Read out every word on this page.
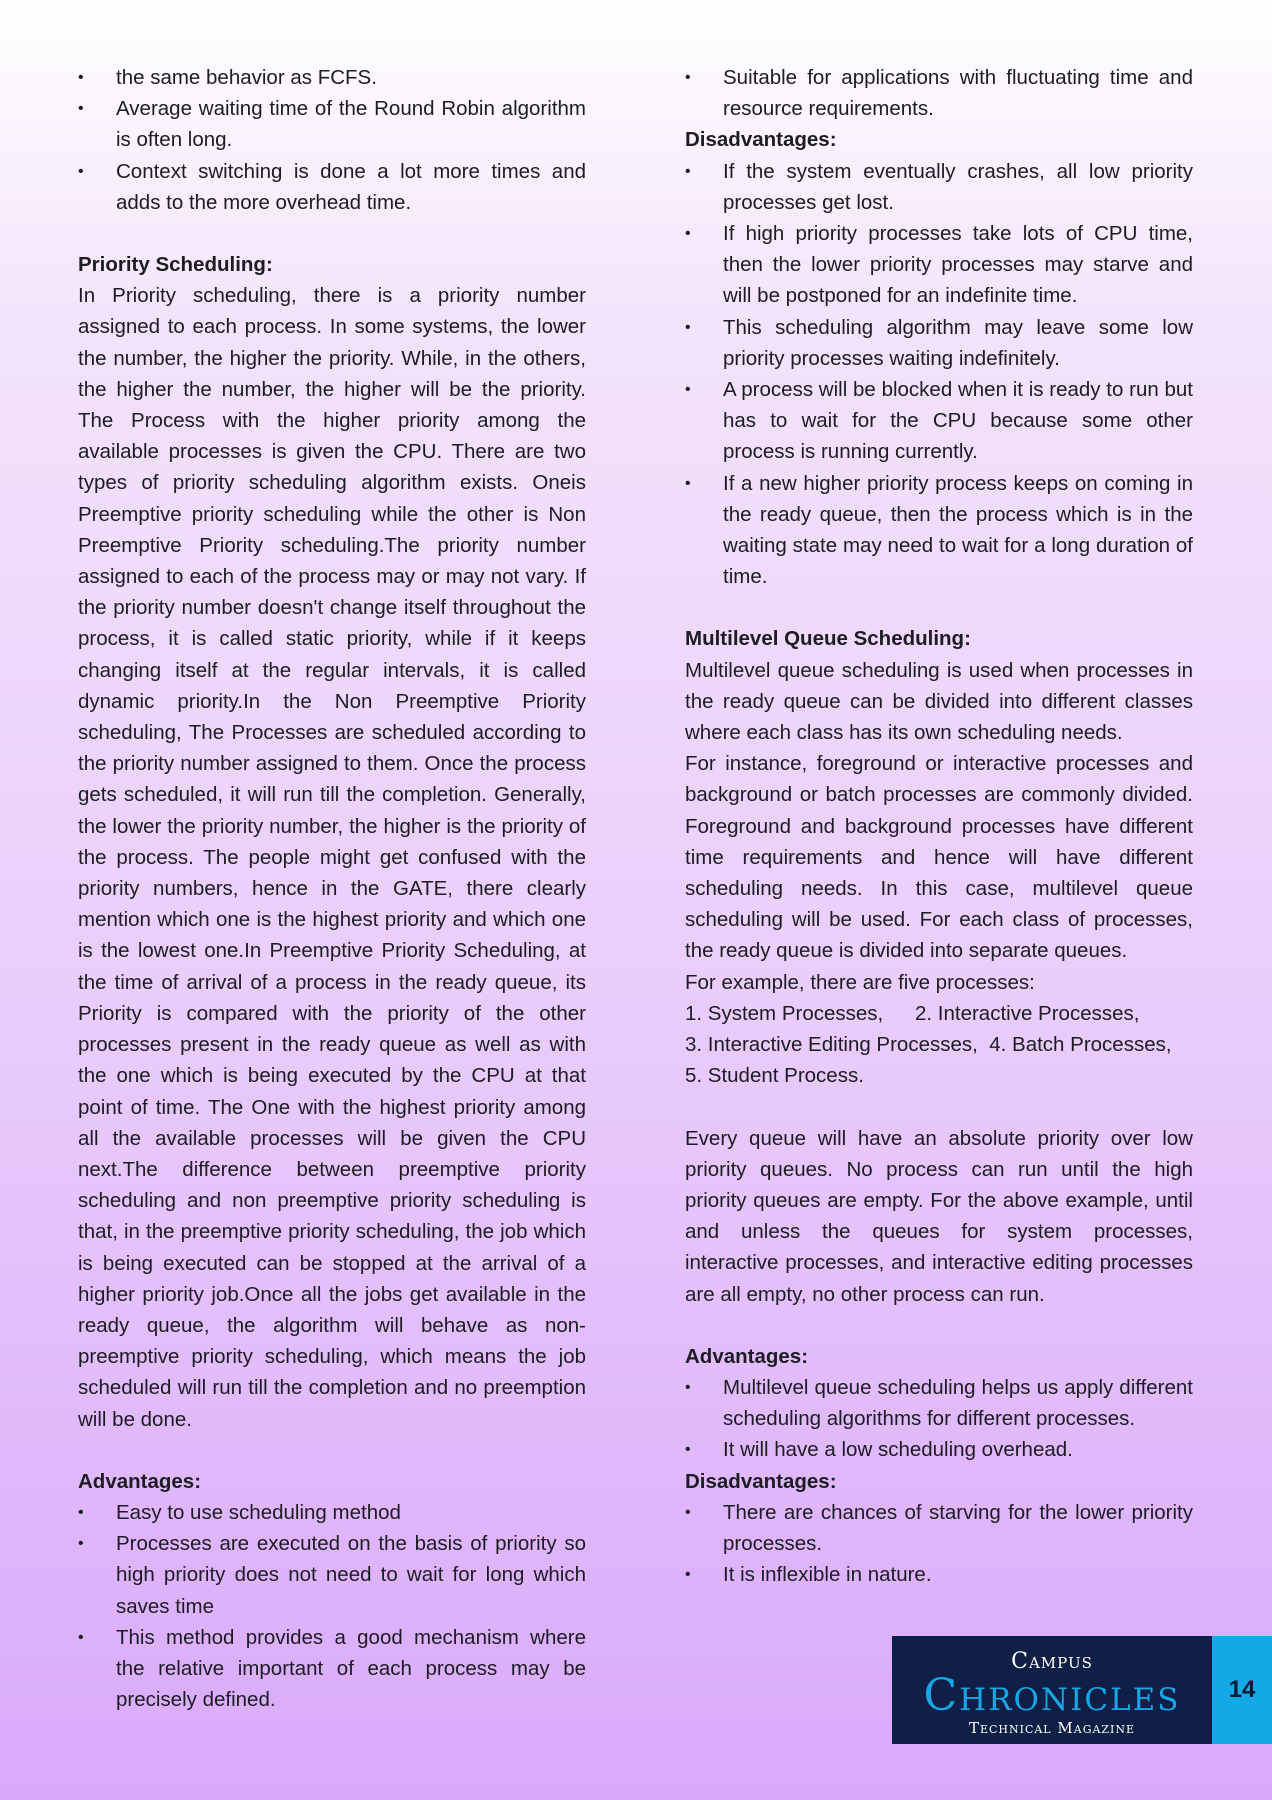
• the same behavior as FCFS.
• Average waiting time of the Round Robin algorithm is often long.
• Context switching is done a lot more times and adds to the more overhead time.

Priority Scheduling:

In Priority scheduling, there is a priority number assigned to each process. In some systems, the lower the number, the higher the priority. While, in the others, the higher the number, the higher will be the priority. The Process with the higher priority among the available processes is given the CPU. There are two types of priority scheduling algorithm exists. Oneis Preemptive priority scheduling while the other is Non Preemptive Priority scheduling.The priority number assigned to each of the process may or may not vary. If the priority number doesn't change itself throughout the process, it is called static priority, while if it keeps changing itself at the regular intervals, it is called dynamic priority.In the Non Preemptive Priority scheduling, The Processes are scheduled according to the priority number assigned to them. Once the process gets scheduled, it will run till the completion. Generally, the lower the priority number, the higher is the priority of the process. The people might get confused with the priority numbers, hence in the GATE, there clearly mention which one is the highest priority and which one is the lowest one.In Preemptive Priority Scheduling, at the time of arrival of a process in the ready queue, its Priority is compared with the priority of the other processes present in the ready queue as well as with the one which is being executed by the CPU at that point of time. The One with the highest priority among all the available processes will be given the CPU next.The difference between preemptive priority scheduling and non preemptive priority scheduling is that, in the preemptive priority scheduling, the job which is being executed can be stopped at the arrival of a higher priority job.Once all the jobs get available in the ready queue, the algorithm will behave as non-preemptive priority scheduling, which means the job scheduled will run till the completion and no preemption will be done.

Advantages:

• Easy to use scheduling method
• Processes are executed on the basis of priority so high priority does not need to wait for long which saves time
• This method provides a good mechanism where the relative important of each process may be precisely defined.
• Suitable for applications with fluctuating time and resource requirements.

Disadvantages:

• If the system eventually crashes, all low priority processes get lost.
• If high priority processes take lots of CPU time, then the lower priority processes may starve and will be postponed for an indefinite time.
• This scheduling algorithm may leave some low priority processes waiting indefinitely.
• A process will be blocked when it is ready to run but has to wait for the CPU because some other process is running currently.
• If a new higher priority process keeps on coming in the ready queue, then the process which is in the waiting state may need to wait for a long duration of time.

Multilevel Queue Scheduling:

Multilevel queue scheduling is used when processes in the ready queue can be divided into different classes where each class has its own scheduling needs.

For instance, foreground or interactive processes and background or batch processes are commonly divided. Foreground and background processes have different time requirements and hence will have different scheduling needs. In this case, multilevel queue scheduling will be used. For each class of processes, the ready queue is divided into separate queues.

For example, there are five processes:

1. System Processes, 2. Interactive Processes,
3. Interactive Editing Processes, 4. Batch Processes,
5. Student Process.

Every queue will have an absolute priority over low priority queues. No process can run until the high priority queues are empty. For the above example, until and unless the queues for system processes, interactive processes, and interactive editing processes are all empty, no other process can run.

Advantages:

• Multilevel queue scheduling helps us apply different scheduling algorithms for different processes.
• It will have a low scheduling overhead.

Disadvantages:

• There are chances of starving for the lower priority processes.
• It is inflexible in nature.
Campus
Chronicles
Technical Magazine
14
